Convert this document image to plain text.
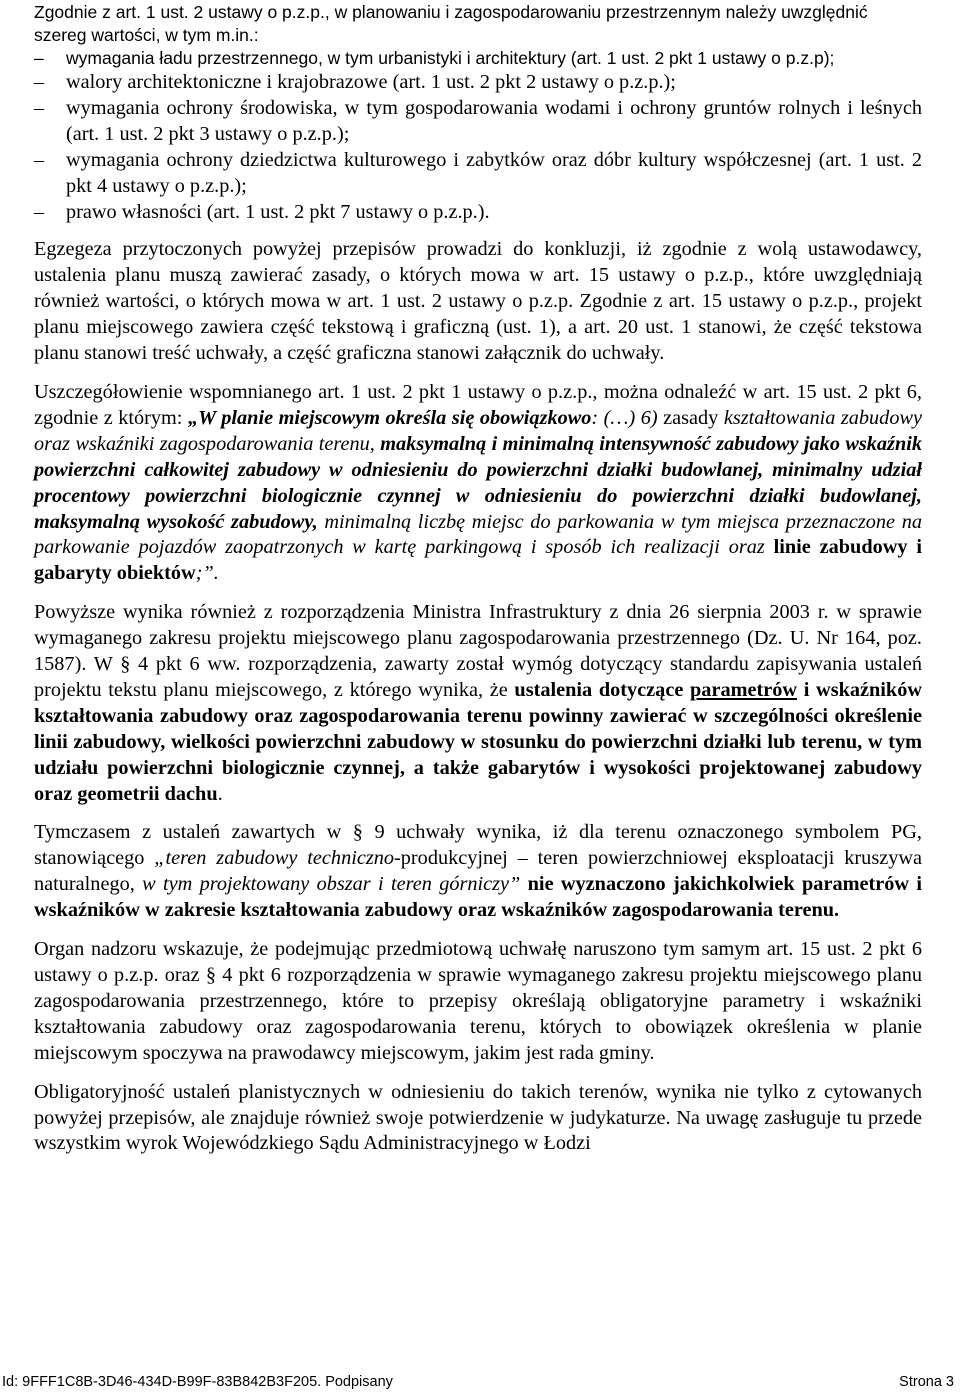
Zgodnie z art. 1 ust. 2 ustawy o p.z.p., w planowaniu i zagospodarowaniu przestrzennym należy uwzględnić szereg wartości, w tym m.in.:

– wymagania ładu przestrzennego, w tym urbanistyki i architektury (art. 1 ust. 2 pkt 1 ustawy o p.z.p);
– walory architektoniczne i krajobrazowe (art. 1 ust. 2 pkt 2 ustawy o p.z.p.);
– wymagania ochrony środowiska, w tym gospodarowania wodami i ochrony gruntów rolnych i leśnych (art. 1 ust. 2 pkt 3 ustawy o p.z.p.);
– wymagania ochrony dziedzictwa kulturowego i zabytków oraz dóbr kultury współczesnej (art. 1 ust. 2 pkt 4 ustawy o p.z.p.);
– prawo własności (art. 1 ust. 2 pkt 7 ustawy o p.z.p.).

Egzegeza przytoczonych powyżej przepisów prowadzi do konkluzji, iż zgodnie z wolą ustawodawcy, ustalenia planu muszą zawierać zasady, o których mowa w art. 15 ustawy o p.z.p., które uwzględniają również wartości, o których mowa w art. 1 ust. 2 ustawy o p.z.p. Zgodnie z art. 15 ustawy o p.z.p., projekt planu miejscowego zawiera część tekstową i graficzną (ust. 1), a art. 20 ust. 1 stanowi, że część tekstowa planu stanowi treść uchwały, a część graficzna stanowi załącznik do uchwały.

Uszczegółowienie wspomnianego art. 1 ust. 2 pkt 1 ustawy o p.z.p., można odnaleźć w art. 15 ust. 2 pkt 6, zgodnie z którym: „W planie miejscowym określa się obowiązkowo: (…) 6) zasady kształtowania zabudowy oraz wskaźniki zagospodarowania terenu, maksymalną i minimalną intensywność zabudowy jako wskaźnik powierzchni całkowitej zabudowy w odniesieniu do powierzchni działki budowlanej, minimalny udział procentowy powierzchni biologicznie czynnej w odniesieniu do powierzchni działki budowlanej, maksymalną wysokość zabudowy, minimalną liczbę miejsc do parkowania w tym miejsca przeznaczone na parkowanie pojazdów zaopatrzonych w kartę parkingową i sposób ich realizacji oraz linie zabudowy i gabaryty obiektów;”.

Powyższe wynika również z rozporządzenia Ministra Infrastruktury z dnia 26 sierpnia 2003 r. w sprawie wymaganego zakresu projektu miejscowego planu zagospodarowania przestrzennego (Dz. U. Nr 164, poz. 1587). W § 4 pkt 6 ww. rozporządzenia, zawarty został wymóg dotyczący standardu zapisywania ustaleń projektu tekstu planu miejscowego, z którego wynika, że ustalenia dotyczące parametrów i wskaźników kształtowania zabudowy oraz zagospodarowania terenu powinny zawierać w szczególności określenie linii zabudowy, wielkości powierzchni zabudowy w stosunku do powierzchni działki lub terenu, w tym udziału powierzchni biologicznie czynnej, a także gabarytów i wysokości projektowanej zabudowy oraz geometrii dachu.

Tymczasem z ustaleń zawartych w § 9 uchwały wynika, iż dla terenu oznaczonego symbolem PG, stanowiącego „teren zabudowy techniczno-produkcyjnej – teren powierzchniowej eksploatacji kruszywa naturalnego, w tym projektowany obszar i teren górniczy” nie wyznaczono jakichkolwiek parametrów i wskaźników w zakresie kształtowania zabudowy oraz wskaźników zagospodarowania terenu.

Organ nadzoru wskazuje, że podejmując przedmiotową uchwałę naruszono tym samym art. 15 ust. 2 pkt 6 ustawy o p.z.p. oraz § 4 pkt 6 rozporządzenia w sprawie wymaganego zakresu projektu miejscowego planu zagospodarowania przestrzennego, które to przepisy określają obligatoryjne parametry i wskaźniki kształtowania zabudowy oraz zagospodarowania terenu, których to obowiązek określenia w planie miejscowym spoczywa na prawodawcy miejscowym, jakim jest rada gminy.

Obligatoryjność ustaleń planistycznych w odniesieniu do takich terenów, wynika nie tylko z cytowanych powyżej przepisów, ale znajduje również swoje potwierdzenie w judykaturze. Na uwagę zasługuje tu przede wszystkim wyrok Wojewódzkiego Sądu Administracyjnego w Łodzi

Id: 9FFF1C8B-3D46-434D-B99F-83B842B3F205. Podpisany	Strona 3
